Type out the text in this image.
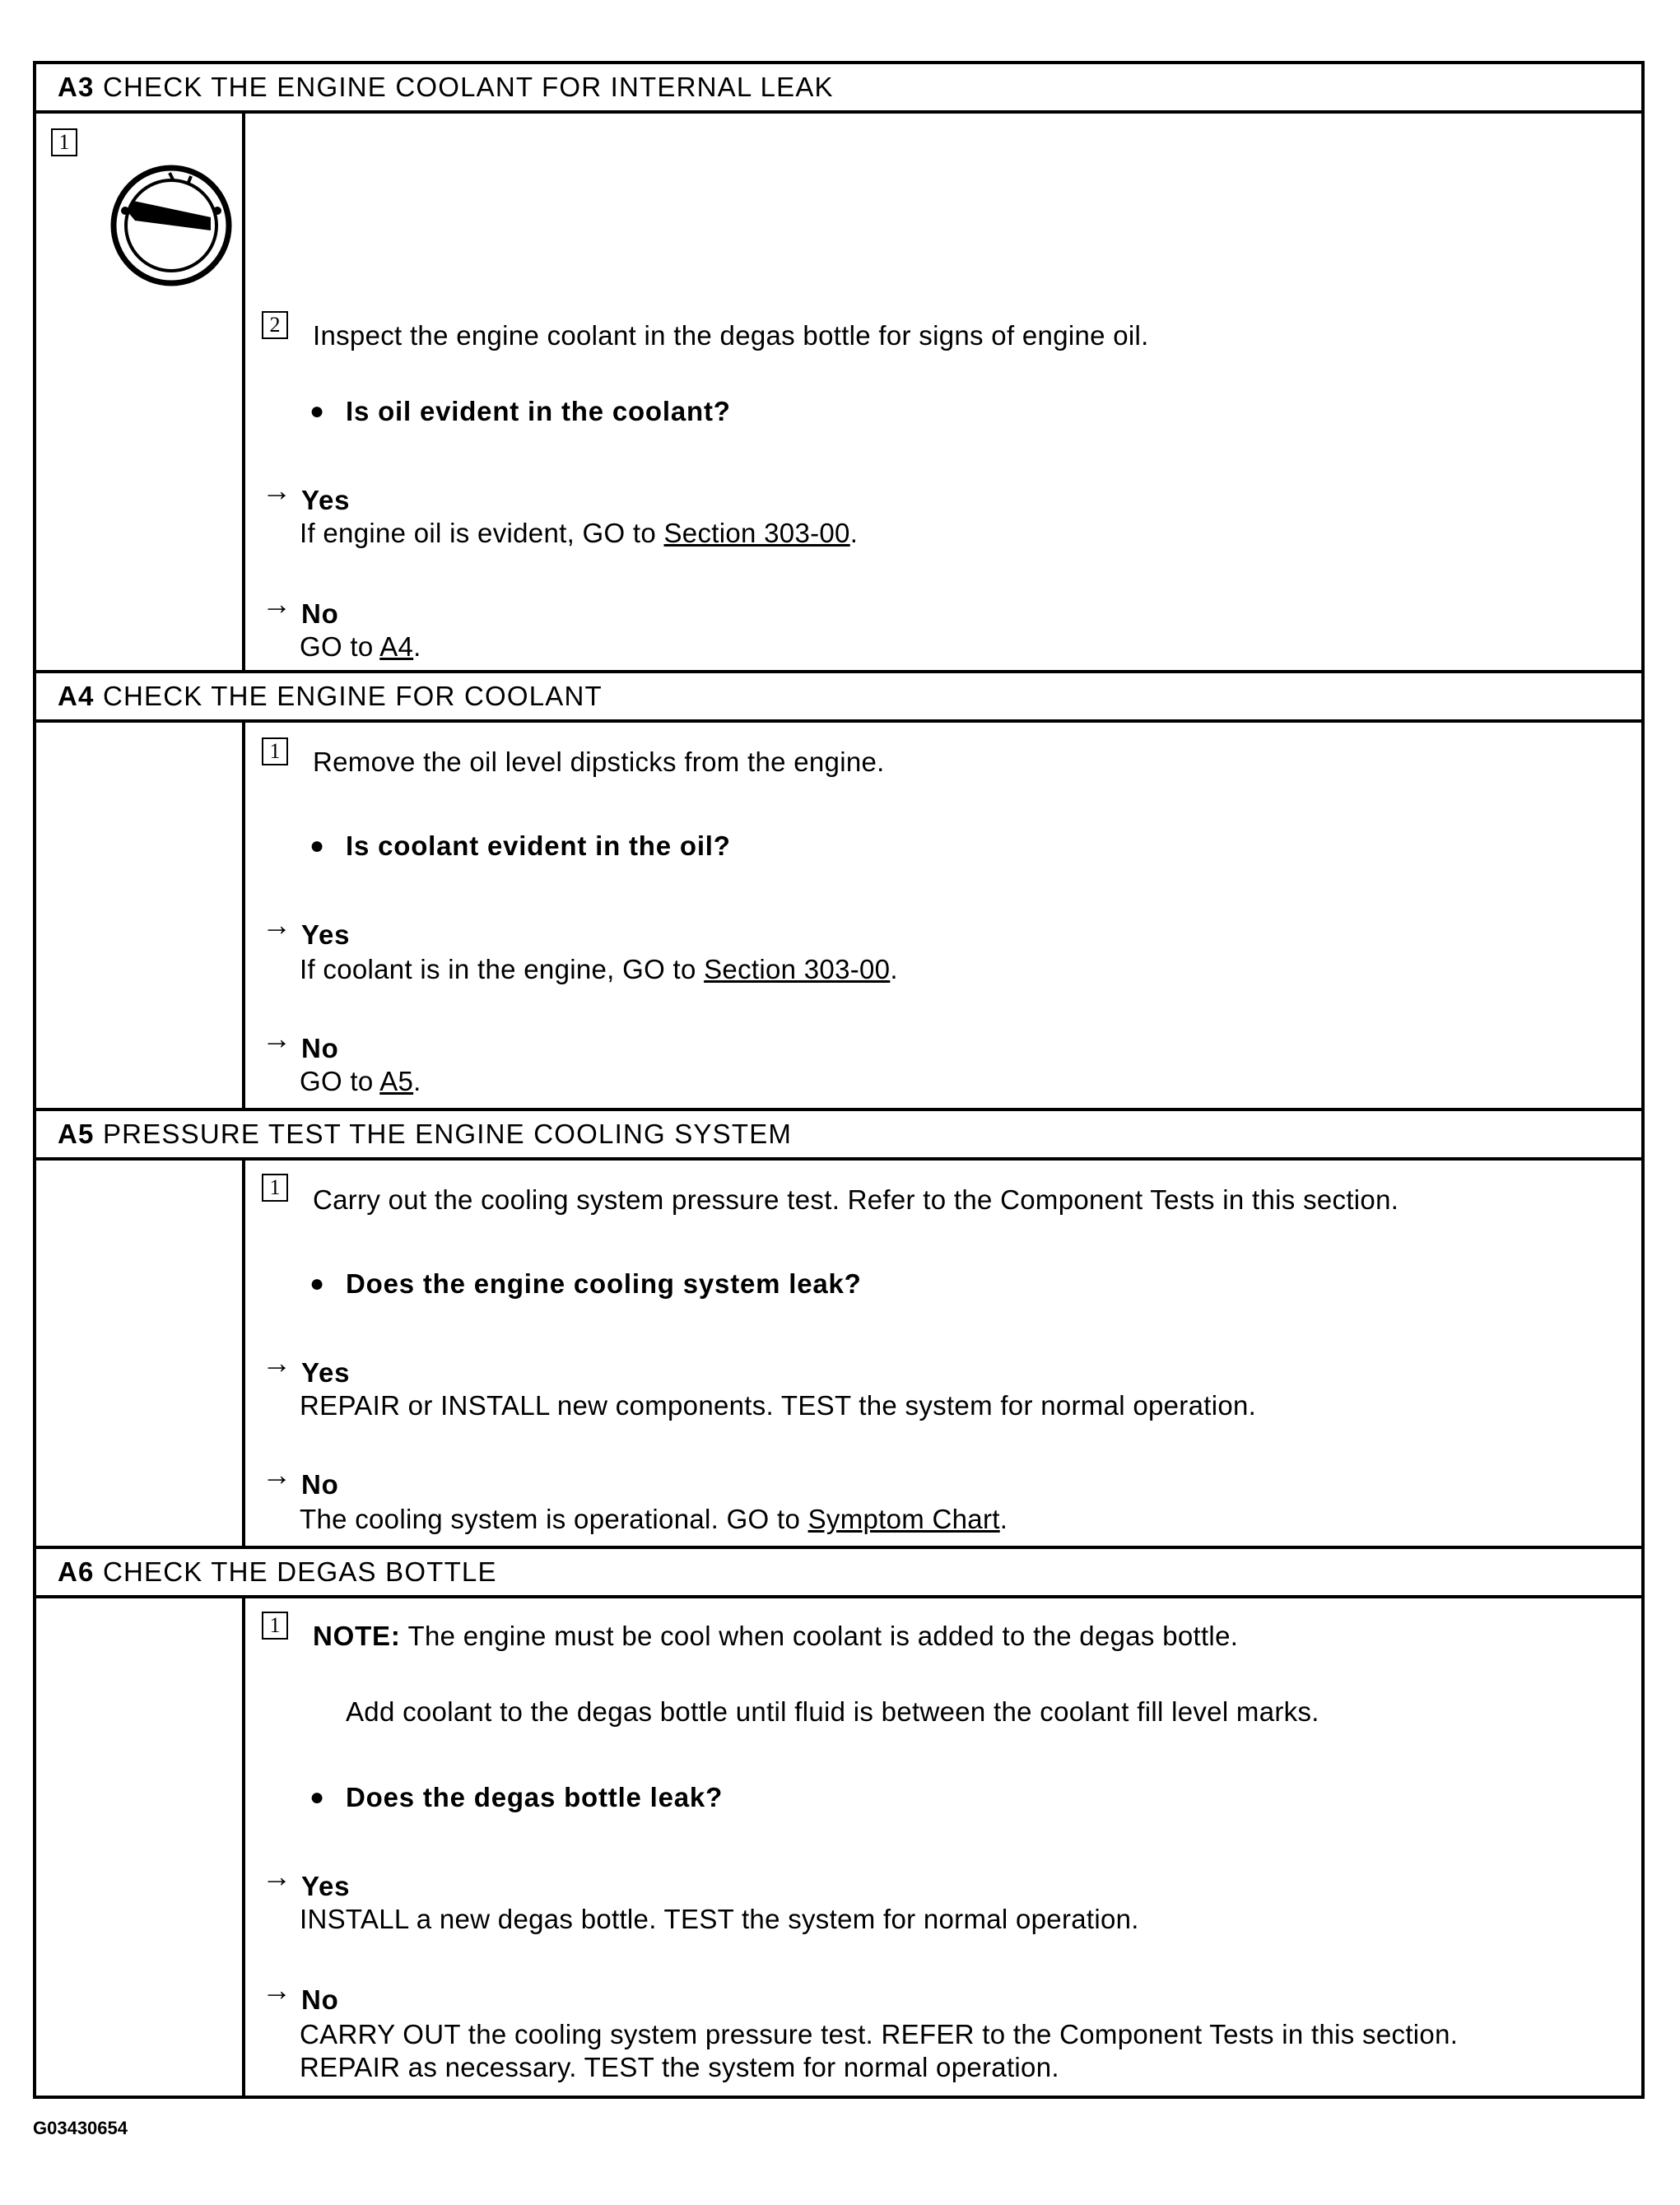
A3 CHECK THE ENGINE COOLANT FOR INTERNAL LEAK
A4 CHECK THE ENGINE FOR COOLANT
A5 PRESSURE TEST THE ENGINE COOLING SYSTEM
A6 CHECK THE DEGAS BOTTLE
1
2 Inspect the engine coolant in the degas bottle for signs of engine oil.
● Is oil evident in the coolant?
→ Yes
If engine oil is evident, GO to Section 303-00.
→ No
GO to A4.
1 Remove the oil level dipsticks from the engine.
● Is coolant evident in the oil?
→ Yes
If coolant is in the engine, GO to Section 303-00.
→ No
GO to A5.
1 Carry out the cooling system pressure test. Refer to the Component Tests in this section.
● Does the engine cooling system leak?
→ Yes
REPAIR or INSTALL new components. TEST the system for normal operation.
→ No
The cooling system is operational. GO to Symptom Chart.
1 NOTE: The engine must be cool when coolant is added to the degas bottle.
Add coolant to the degas bottle until fluid is between the coolant fill level marks.
● Does the degas bottle leak?
→ Yes
INSTALL a new degas bottle. TEST the system for normal operation.
→ No
CARRY OUT the cooling system pressure test. REFER to the Component Tests in this section.
REPAIR as necessary. TEST the system for normal operation.
G03430654
